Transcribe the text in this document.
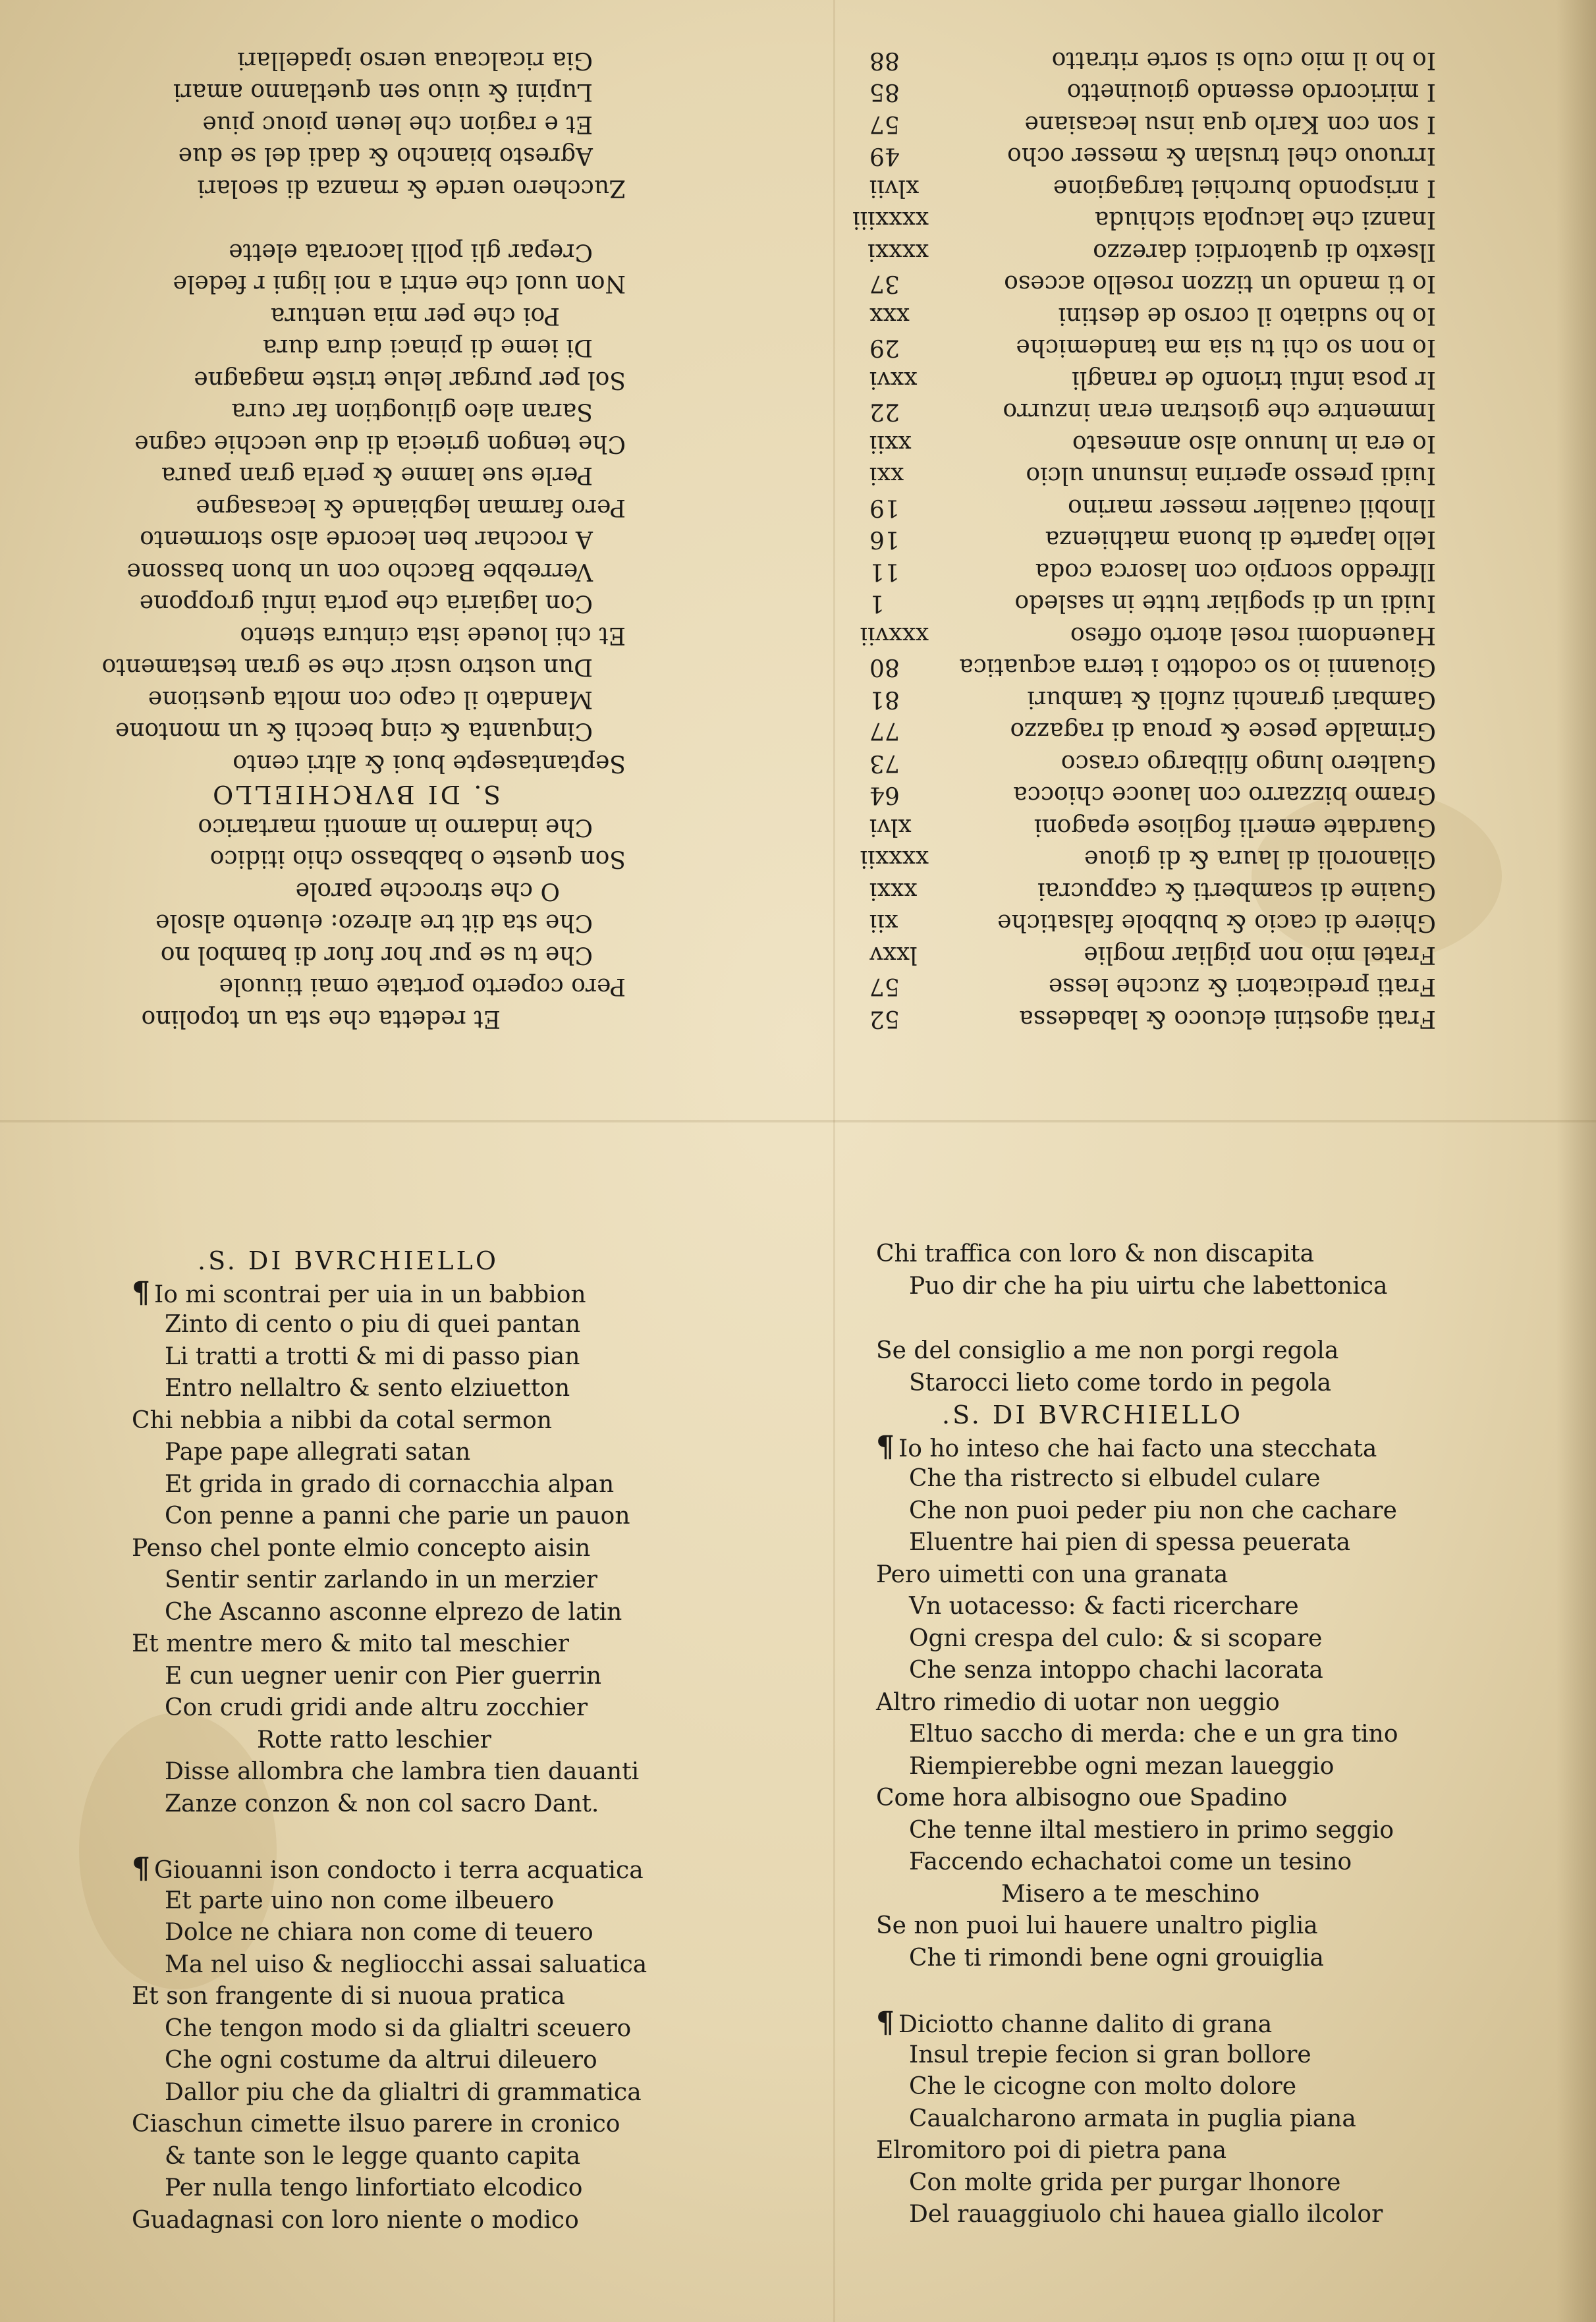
Et redetta che sta un topolino
Pero coperto portate omai tiuuole
Che tu se pur hor fuor di bambol no
Che sta dit tre alrezo: eluento alsole
O che strocche parole
Son queste o babbasso chio itidico
Che indarno in amonti martarico
S. DI BVRCHIELLO
Septantasepte buoi & altri cento
Cinquanta & cinq becchi & un montone
Mandato il capo con molta questione
Dun uostro uscir che se gran testamento
Et chi louede ista cintura stento
Con lagiaria che porta infui groppone
Verrebbe Baccho con un buon bassone
A rocchar ben lecorde also stormento
Pero farman legbiande & lecasagne
Perle sue lamne & perla gran paura
Che tengon griecia di due uecchie cagne
Saran aleo gliuogtion far cura
Sol per purgar lelue triste magagne
Di ieme di pinaci dura dura
Poi che per mia uentura
Non uuol che entri a noi ligni r fedele
Crepar gli polli lacorata elette
Zucchero uerde & rnanza di seolari
Agresto biancho & dadi del se due
Et e ragion che leuen piouc piue
Lupini & uiuo sen quetlanno amari
Gia ricalcaua uerso ipadellari
Frati agostini elcuoco & labadessa
52
Frati predicatori & zucche lesse
57
Fratel mio non pigliar moglie
lxxv
Ghiere di cacio & bubbole falsatiche
xii
Guaine di scamberti & cappucrai
xxxi
Glianoroli di laura & di gioue
xxxxii
Guardate emerli fogliose epagoni
xlvi
Gramo bizzarro con lauoce chiocca
64
Gualtero lungo filibargo crasco
73
Grimalde pesce & proua di ragazzo
77
Gambari granchi zufoli & tamburi
81
Giouanni io so codotto i terra acquatica
80
Hauendomi rosel atorto offeso
xxxvii
Iuidi un di spogliar tutte in sasledo
1
Ilfreddo scorpio con lasorca coda
11
Iello laparte di buona mathienza
16
Ilnobil caualier messer marino
19
Iuidi presso aperina insunun ulcio
xxi
Io era in lunuuo also annesato
xxii
Immentre che giostran eran inzurro
22
Ir posa infui trionfo de ranagli
xxvi
Io non so chi tu sia ma tandemiche
29
Io ho sudiato il corso de destini
xxx
Io ti mando un tizzon rosello acceso
37
Ilsexto di quatordici darezzo
xxxxi
Inanzi che lacupola sichiuda
xxxxiii
I nrispondo burchiel targagione
xlvii
Irruouo chel truslan & messer ocho
49
I son con Karlo qua insu lecasiane
57
I miricordo essendo giouinetto
85
Io ho il mio culo si sorte ritratto
88
.S. DI BVRCHIELLO
¶ Io mi scontrai per uia in un babbion
Zinto di cento o piu di quei pantan
Li tratti a trotti & mi di passo pian
Entro nellaltro & sento elziuetton
Chi nebbia a nibbi da cotal sermon
Pape pape allegrati satan
Et grida in grado di cornacchia alpan
Con penne a panni che parie un pauon
Penso chel ponte elmio concepto aisin
Sentir sentir zarlando in un merzier
Che Ascanno asconne elprezo de latin
Et mentre mero & mito tal meschier
E cun uegner uenir con Pier guerrin
Con crudi gridi ande altru zocchier
Rotte ratto leschier
Disse allombra che lambra tien dauanti
Zanze conzon & non col sacro Dant.
¶ Giouanni ison condocto i terra acquatica
Et parte uino non come ilbeuero
Dolce ne chiara non come di teuero
Ma nel uiso & negliocchi assai saluatica
Et son frangente di si nuoua pratica
Che tengon modo si da glialtri sceuero
Che ogni costume da altrui dileuero
Dallor piu che da glialtri di grammatica
Ciaschun cimette ilsuo parere in cronico
& tante son le legge quanto capita
Per nulla tengo linfortiato elcodico
Guadagnasi con loro niente o modico
Chi traffica con loro & non discapita
Puo dir che ha piu uirtu che labettonica
Se del consiglio a me non porgi regola
Starocci lieto come tordo in pegola
.S. DI BVRCHIELLO
¶ Io ho inteso che hai facto una stecchata
Che tha ristrecto si elbudel culare
Che non puoi peder piu non che cachare
Eluentre hai pien di spessa peuerata
Pero uimetti con una granata
Vn uotacesso: & facti ricerchare
Ogni crespa del culo: & si scopare
Che senza intoppo chachi lacorata
Altro rimedio di uotar non ueggio
Eltuo saccho di merda: che e un gra tino
Riempierebbe ogni mezan laueggio
Come hora albisogno oue Spadino
Che tenne iltal mestiero in primo seggio
Faccendo echachatoi come un tesino
Misero a te meschino
Se non puoi lui hauere unaltro piglia
Che ti rimondi bene ogni grouiglia
¶ Diciotto channe dalito di grana
Insul trepie fecion si gran bollore
Che le cicogne con molto dolore
Caualcharono armata in puglia piana
Elromitoro poi di pietra pana
Con molte grida per purgar lhonore
Del rauaggiuolo chi hauea giallo ilcolor
